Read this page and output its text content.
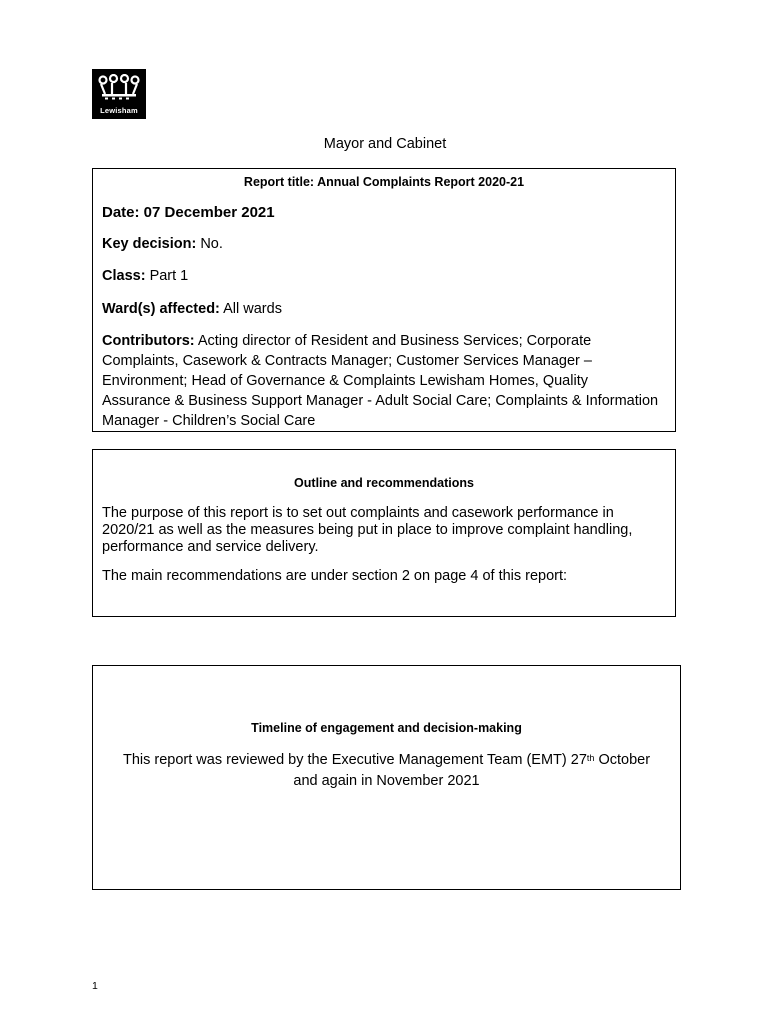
Lewisham
Mayor and Cabinet
Report title: Annual Complaints Report 2020-21
Date: 07 December 2021
Key decision: No.
Class: Part 1
Ward(s) affected: All wards
Contributors: Acting director of Resident and Business Services; Corporate Complaints, Casework & Contracts Manager; Customer Services Manager – Environment; Head of Governance & Complaints Lewisham Homes, Quality Assurance & Business Support Manager - Adult Social Care; Complaints & Information Manager - Children’s Social Care
Outline and recommendations
The purpose of this report is to set out complaints and casework performance in 2020/21 as well as the measures being put in place to improve complaint handling, performance and service delivery.
The main recommendations are under section 2 on page 4 of this report:
Timeline of engagement and decision-making
This report was reviewed by the Executive Management Team (EMT) 27th October
and again in November 2021
1
